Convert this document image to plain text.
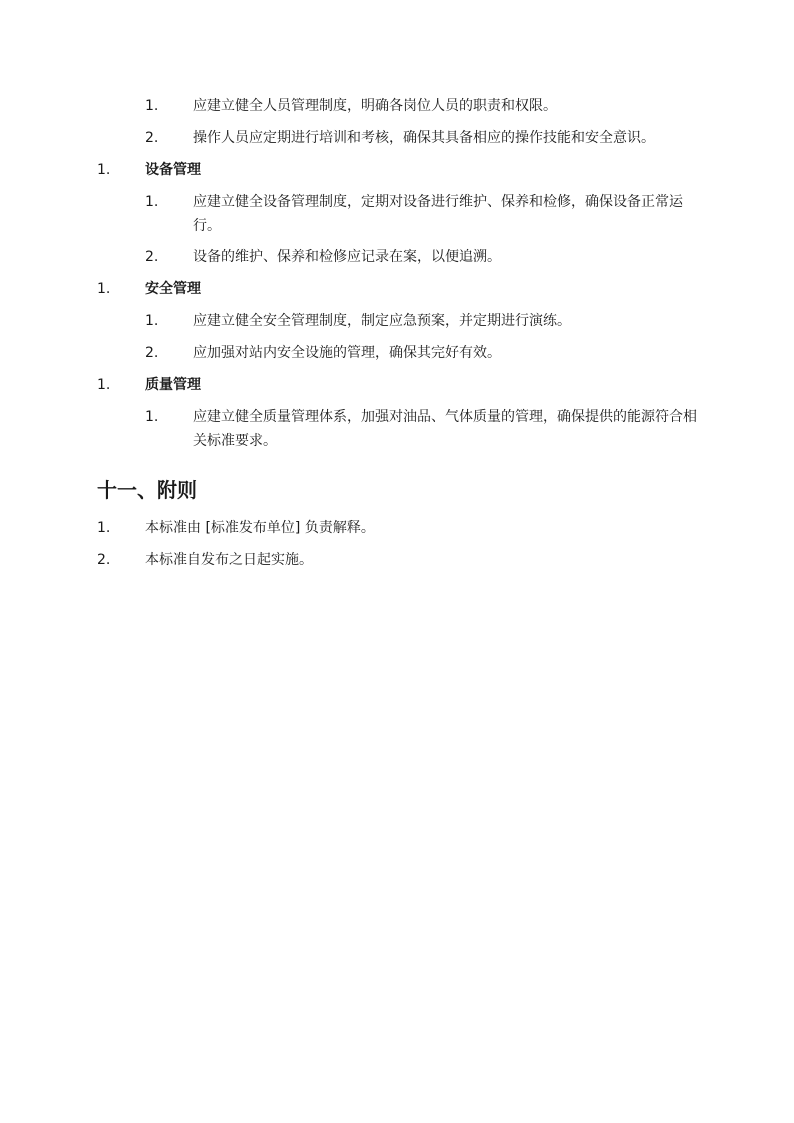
1. 应建立健全人员管理制度，明确各岗位人员的职责和权限。
2. 操作人员应定期进行培训和考核，确保其具备相应的操作技能和安全意识。
1. 设备管理
1. 应建立健全设备管理制度，定期对设备进行维护、保养和检修，确保设备正常运行。
2. 设备的维护、保养和检修应记录在案，以便追溯。
1. 安全管理
1. 应建立健全安全管理制度，制定应急预案，并定期进行演练。
2. 应加强对站内安全设施的管理，确保其完好有效。
1. 质量管理
1. 应建立健全质量管理体系，加强对油品、气体质量的管理，确保提供的能源符合相关标准要求。
十一、附则
1. 本标准由 [标准发布单位] 负责解释。
2. 本标准自发布之日起实施。
